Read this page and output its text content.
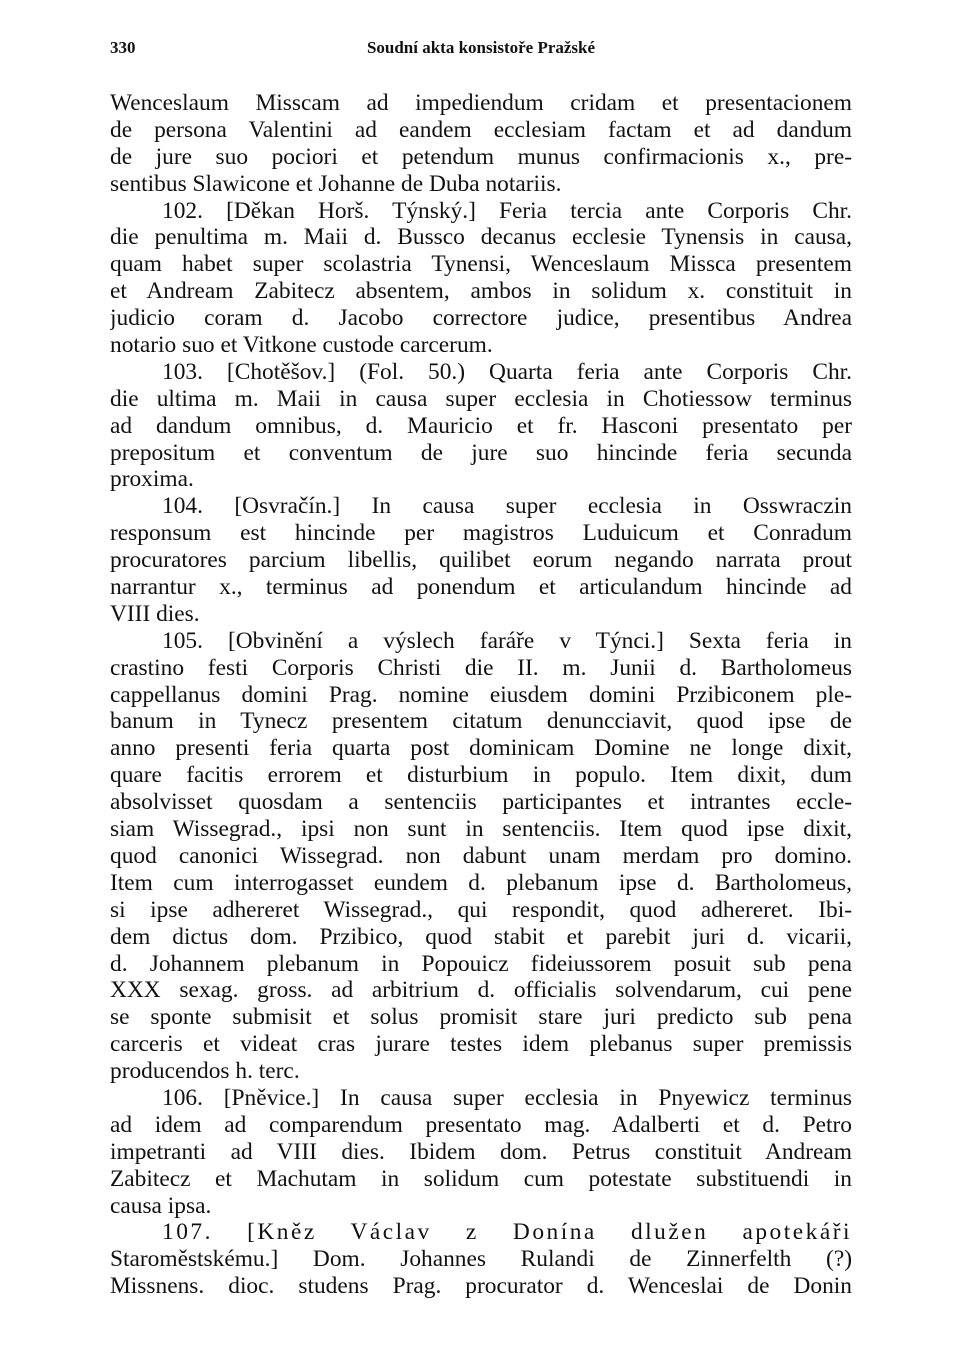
330	Soudní akta konsistoře Pražské
Wenceslaum Misscam ad impediendum cridam et presentacionem
de persona Valentini ad eandem ecclesiam factam et ad dandum
de jure suo pociori et petendum munus confirmacionis x., pre-
sentibus Slawicone et Johanne de Duba notariis.
102. [Děkan Horš. Týnský.] Feria tercia ante Corporis Chr.
die penultima m. Maii d. Bussco decanus ecclesie Tynensis in causa,
quam habet super scolastria Tynensi, Wenceslaum Missca presentem
et Andream Zabitecz absentem, ambos in solidum x. constituit in
judicio coram d. Jacobo correctore judice, presentibus Andrea
notario suo et Vitkone custode carcerum.
103. [Chotěšov.] (Fol. 50.) Quarta feria ante Corporis Chr.
die ultima m. Maii in causa super ecclesia in Chotiessow terminus
ad dandum omnibus, d. Mauricio et fr. Hasconi presentato per
prepositum et conventum de jure suo hincinde feria secunda
proxima.
104. [Osvračín.] In causa super ecclesia in Osswraczin
responsum est hincinde per magistros Luduicum et Conradum
procuratores parcium libellis, quilibet eorum negando narrata prout
narrantur x., terminus ad ponendum et articulandum hincinde ad
VIII dies.
105. [Obvinění a výslech faráře v Týnci.] Sexta feria in
crastino festi Corporis Christi die II. m. Junii d. Bartholomeus
cappellanus domini Prag. nomine eiusdem domini Przibiconem ple-
banum in Tynecz presentem citatum denuncciavit, quod ipse de
anno presenti feria quarta post dominicam Domine ne longe dixit,
quare facitis errorem et disturbium in populo. Item dixit, dum
absolvisset quosdam a sentenciis participantes et intrantes eccle-
siam Wissegrad., ipsi non sunt in sentenciis. Item quod ipse dixit,
quod canonici Wissegrad. non dabunt unam merdam pro domino.
Item cum interrogasset eundem d. plebanum ipse d. Bartholomeus,
si ipse adhereret Wissegrad., qui respondit, quod adhereret. Ibi-
dem dictus dom. Przibico, quod stabit et parebit juri d. vicarii,
d. Johannem plebanum in Popouicz fideiussorem posuit sub pena
XXX sexag. gross. ad arbitrium d. officialis solvendarum, cui pene
se sponte submisit et solus promisit stare juri predicto sub pena
carceris et videat cras jurare testes idem plebanus super premissis
producendos h. terc.
106. [Pněvice.] In causa super ecclesia in Pnyewicz terminus
ad idem ad comparendum presentato mag. Adalberti et d. Petro
impetranti ad VIII dies. Ibidem dom. Petrus constituit Andream
Zabitecz et Machutam in solidum cum potestate substituendi in
causa ipsa.
107. [Kněz Václav z Donína dlužen apotekáři
Staroměstskému.] Dom. Johannes Rulandi de Zinnerfelth (?)
Missnens. dioc. studens Prag. procurator d. Wenceslai de Donin
